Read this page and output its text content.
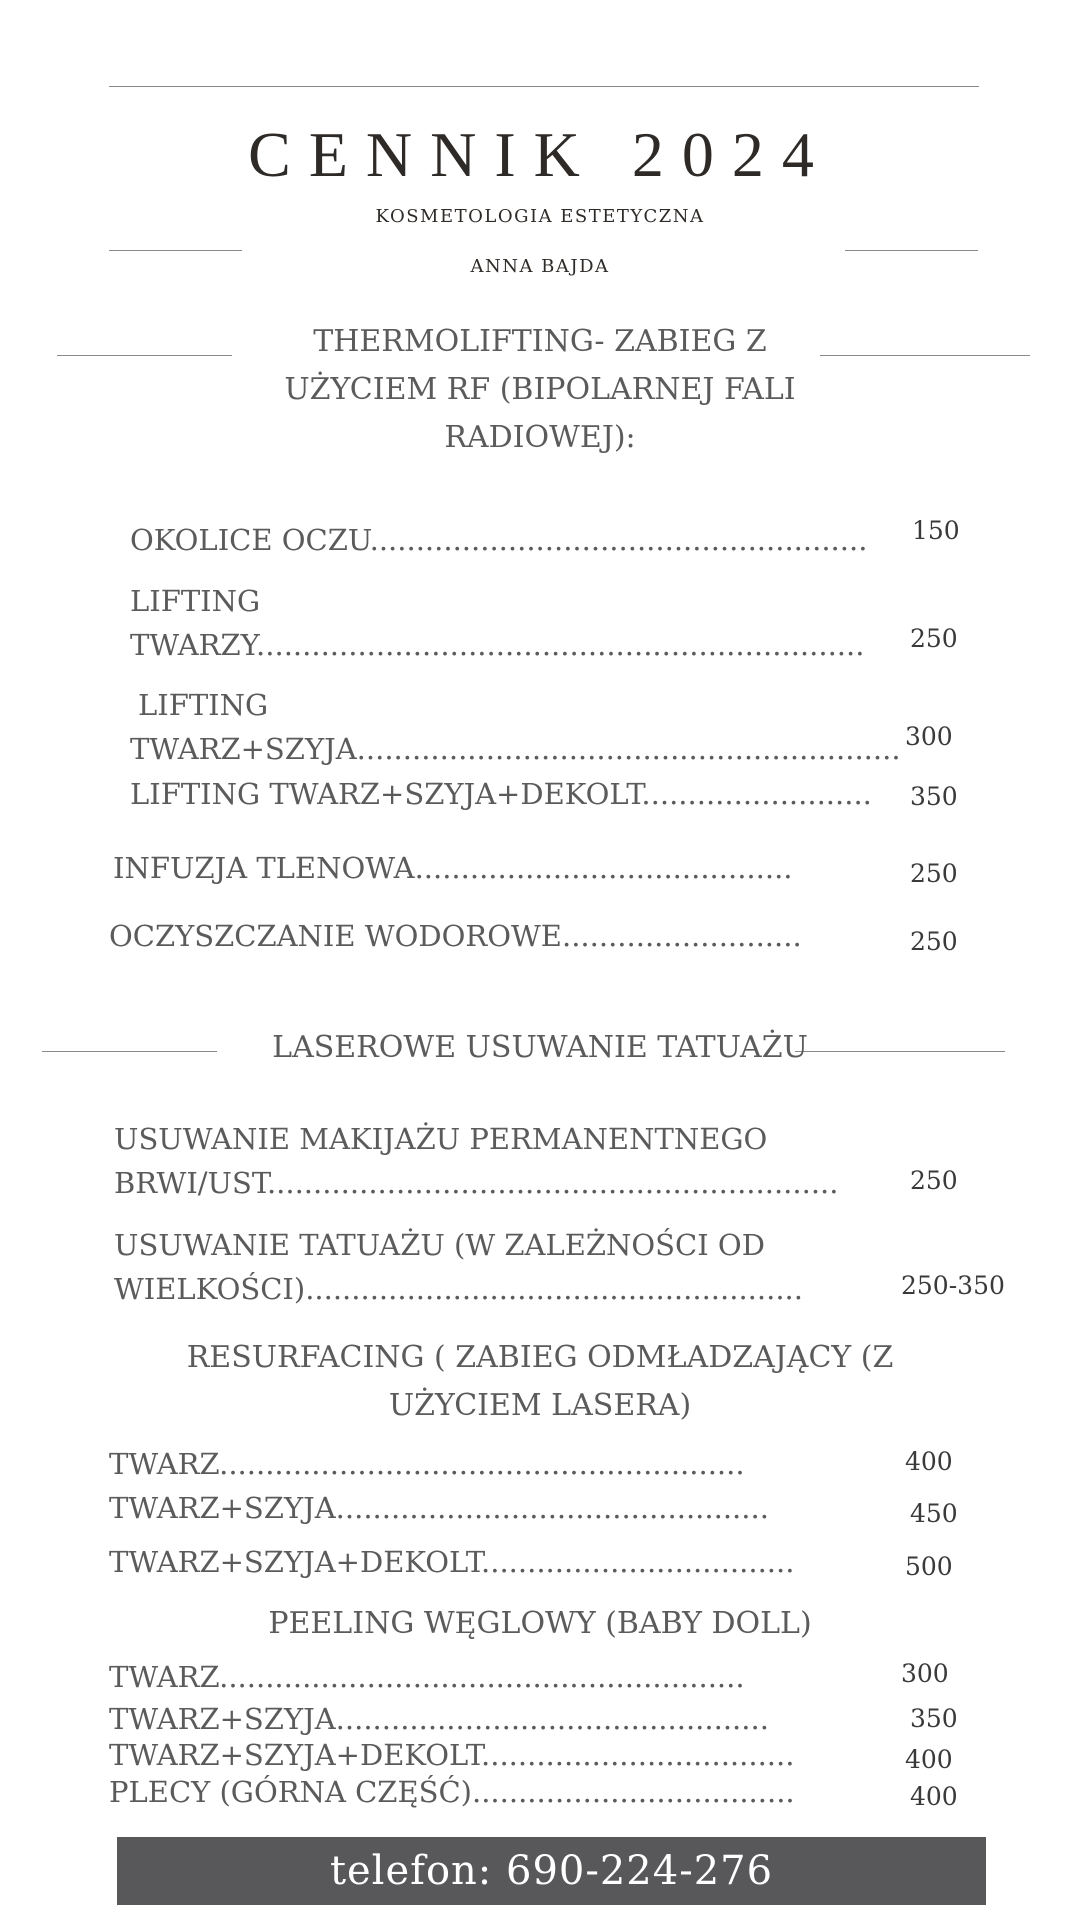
CENNIK 2024
KOSMETOLOGIA ESTETYCZNA
ANNA BAJDA
THERMOLIFTING- ZABIEG Z
UŻYCIEM RF (BIPOLARNEJ FALI
RADIOWEJ):
OKOLICE OCZU...................................................... 150
LIFTING
TWARZY.................................................................. 250
LIFTING
TWARZ+SZYJA........................................................... 300
LIFTING TWARZ+SZYJA+DEKOLT......................... 350
INFUZJA TLENOWA.........................................	250
OCZYSZCZANIE WODOROWE..........................	250
LASEROWE USUWANIE TATUAŻU
USUWANIE MAKIJAŻU PERMANENTNEGO
BRWI/UST..............................................................	250
USUWANIE TATUAŻU (W ZALEŻNOŚCI OD
WIELKOŚCI)......................................................	250-350
RESURFACING ( ZABIEG ODMŁADZAJĄCY (Z
UŻYCIEM LASERA)
TWARZ.........................................................	400
TWARZ+SZYJA...............................................	450
TWARZ+SZYJA+DEKOLT..................................	500
PEELING WĘGLOWY (BABY DOLL)
TWARZ.........................................................	300
TWARZ+SZYJA...............................................	350
TWARZ+SZYJA+DEKOLT..................................	400
PLECY (GÓRNA CZĘŚĆ)...................................	400
telefon: 690-224-276
